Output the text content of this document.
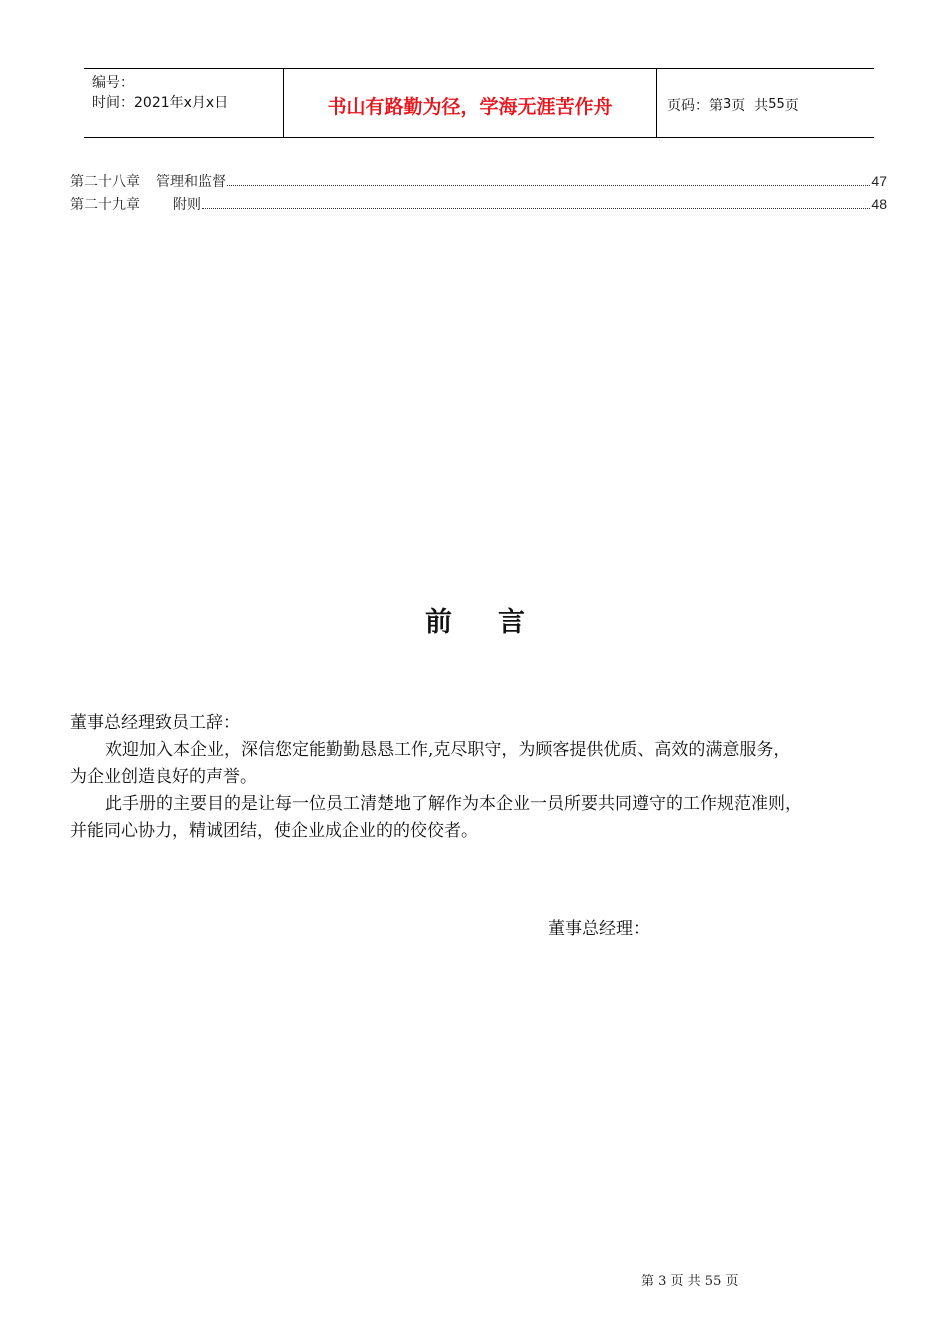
编号：
时间：2021年x月x日	书山有路勤为径，学海无涯苦作舟	页码：第 3 页  共 55 页
第二十八章 管理和监督	47
第二十九章 附则	48
前 言

董事总经理致员工辞：

欢迎加入本企业，深信您定能勤勤恳恳工作,克尽职守，为顾客提供优质、高效的满意服务，

为企业创造良好的声誉。

此手册的主要目的是让每一位员工清楚地了解作为本企业一员所要共同遵守的工作规范准则，

并能同心协力，精诚团结，使企业成企业的的佼佼者。

董事总经理：
第 3 页 共 55 页
